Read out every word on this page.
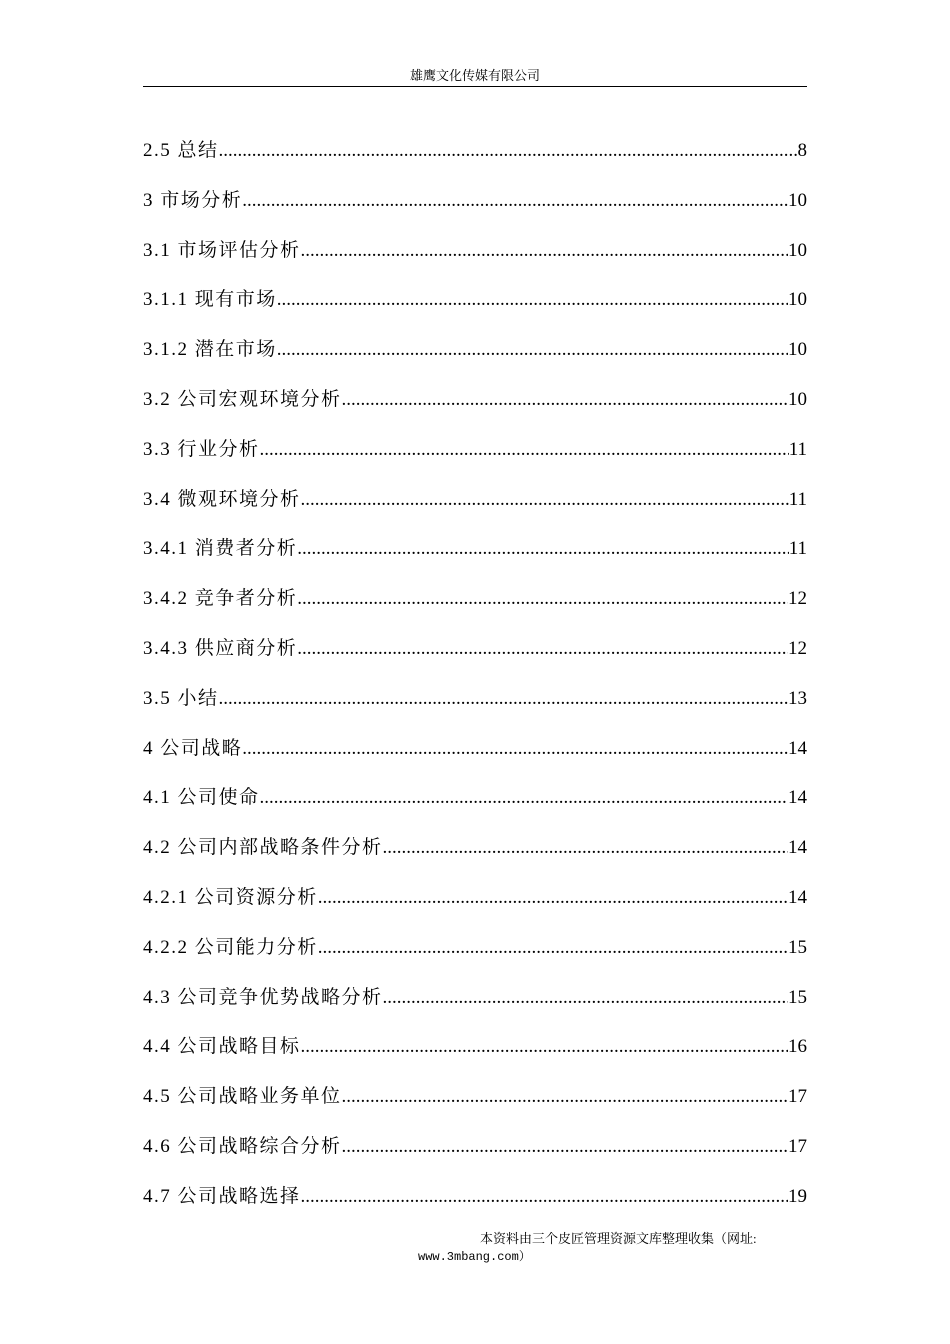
雄鹰文化传媒有限公司
2.5 总结 .....	8
3 市场分析 .....	10
3.1 市场评估分析 .....	10
3.1.1 现有市场 .....	10
3.1.2 潜在市场 .....	10
3.2 公司宏观环境分析 .....	10
3.3 行业分析 .....	11
3.4 微观环境分析 .....	11
3.4.1 消费者分析 .....	11
3.4.2 竞争者分析 .....	12
3.4.3 供应商分析 .....	12
3.5 小结 .....	13
4 公司战略 .....	14
4.1 公司使命 .....	14
4.2 公司内部战略条件分析 .....	14
4.2.1 公司资源分析 .....	14
4.2.2 公司能力分析 .....	15
4.3 公司竞争优势战略分析 .....	15
4.4 公司战略目标 .....	16
4.5 公司战略业务单位 .....	17
4.6 公司战略综合分析 .....	17
4.7 公司战略选择 .....	19
本资料由三个皮匠管理资源文库整理收集（网址:
www.3mbang.com）
